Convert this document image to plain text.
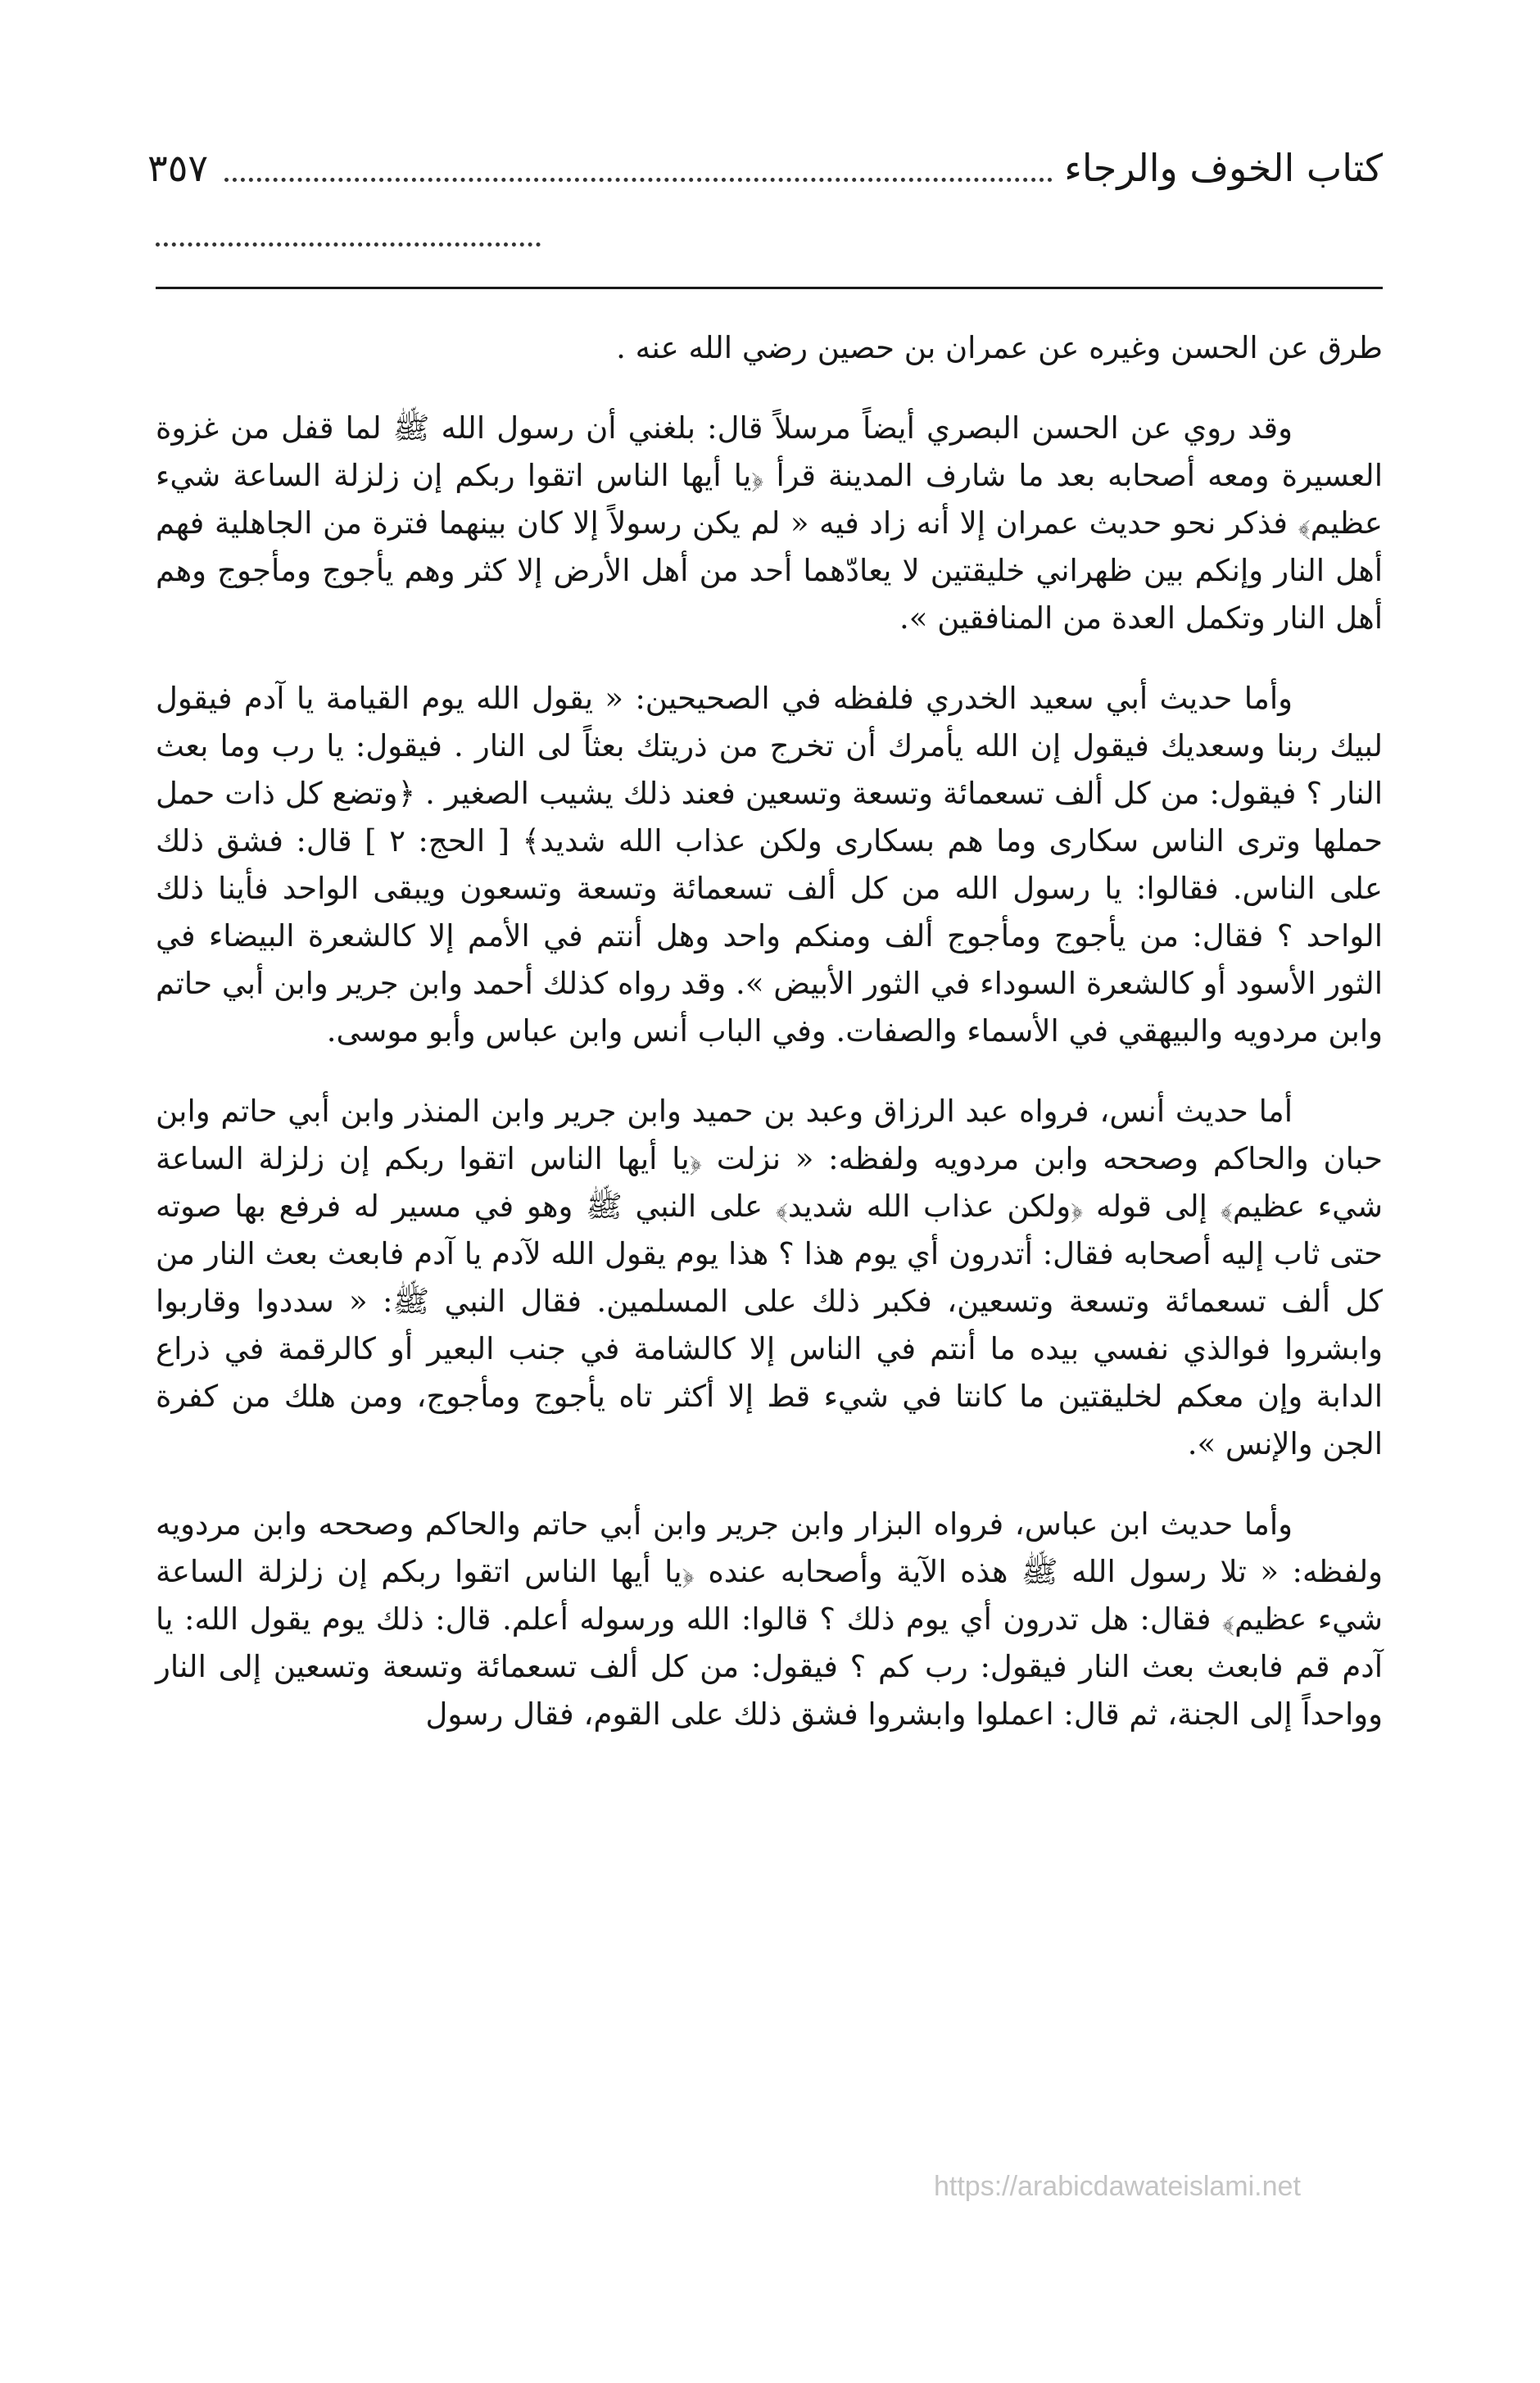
كتاب الخوف والرجاء
٣٥٧

طرق عن الحسن وغيره عن عمران بن حصين رضي الله عنه .

وقد روي عن الحسن البصري أيضاً مرسلاً قال: بلغني أن رسول الله ﷺ لما قفل من غزوة العسيرة ومعه أصحابه بعد ما شارف المدينة قرأ ﴿يا أيها الناس اتقوا ربكم إن زلزلة الساعة شيء عظيم﴾ فذكر نحو حديث عمران إلا أنه زاد فيه « لم يكن رسولاً إلا كان بينهما فترة من الجاهلية فهم أهل النار وإنكم بين ظهراني خليقتين لا يعادّهما أحد من أهل الأرض إلا كثر وهم يأجوج ومأجوج وهم أهل النار وتكمل العدة من المنافقين ».

وأما حديث أبي سعيد الخدري فلفظه في الصحيحين: « يقول الله يوم القيامة يا آدم فيقول لبيك ربنا وسعديك فيقول إن الله يأمرك أن تخرج من ذريتك بعثاً لى النار . فيقول: يا رب وما بعث النار ؟ فيقول: من كل ألف تسعمائة وتسعة وتسعين فعند ذلك يشيب الصغير . ﴿وتضع كل ذات حمل حملها وترى الناس سكارى وما هم بسكارى ولكن عذاب الله شديد﴾ [ الحج: ٢ ] قال: فشق ذلك على الناس. فقالوا: يا رسول الله من كل ألف تسعمائة وتسعة وتسعون ويبقى الواحد فأينا ذلك الواحد ؟ فقال: من يأجوج ومأجوج ألف ومنكم واحد وهل أنتم في الأمم إلا كالشعرة البيضاء في الثور الأسود أو كالشعرة السوداء في الثور الأبيض ». وقد رواه كذلك أحمد وابن جرير وابن أبي حاتم وابن مردويه والبيهقي في الأسماء والصفات. وفي الباب أنس وابن عباس وأبو موسى.

أما حديث أنس، فرواه عبد الرزاق وعبد بن حميد وابن جرير وابن المنذر وابن أبي حاتم وابن حبان والحاكم وصححه وابن مردويه ولفظه: « نزلت ﴿يا أيها الناس اتقوا ربكم إن زلزلة الساعة شيء عظيم﴾ إلى قوله ﴿ولكن عذاب الله شديد﴾ على النبي ﷺ وهو في مسير له فرفع بها صوته حتى ثاب إليه أصحابه فقال: أتدرون أي يوم هذا ؟ هذا يوم يقول الله لآدم يا آدم فابعث بعث النار من كل ألف تسعمائة وتسعة وتسعين، فكبر ذلك على المسلمين. فقال النبي ﷺ: « سددوا وقاربوا وابشروا فوالذي نفسي بيده ما أنتم في الناس إلا كالشامة في جنب البعير أو كالرقمة في ذراع الدابة وإن معكم لخليقتين ما كانتا في شيء قط إلا أكثر تاه يأجوج ومأجوج، ومن هلك من كفرة الجن والإنس ».

وأما حديث ابن عباس، فرواه البزار وابن جرير وابن أبي حاتم والحاكم وصححه وابن مردويه ولفظه: « تلا رسول الله ﷺ هذه الآية وأصحابه عنده ﴿يا أيها الناس اتقوا ربكم إن زلزلة الساعة شيء عظيم﴾ فقال: هل تدرون أي يوم ذلك ؟ قالوا: الله ورسوله أعلم. قال: ذلك يوم يقول الله: يا آدم قم فابعث بعث النار فيقول: رب كم ؟ فيقول: من كل ألف تسعمائة وتسعة وتسعين إلى النار وواحداً إلى الجنة، ثم قال: اعملوا وابشروا فشق ذلك على القوم، فقال رسول

https://arabicdawateislami.net
